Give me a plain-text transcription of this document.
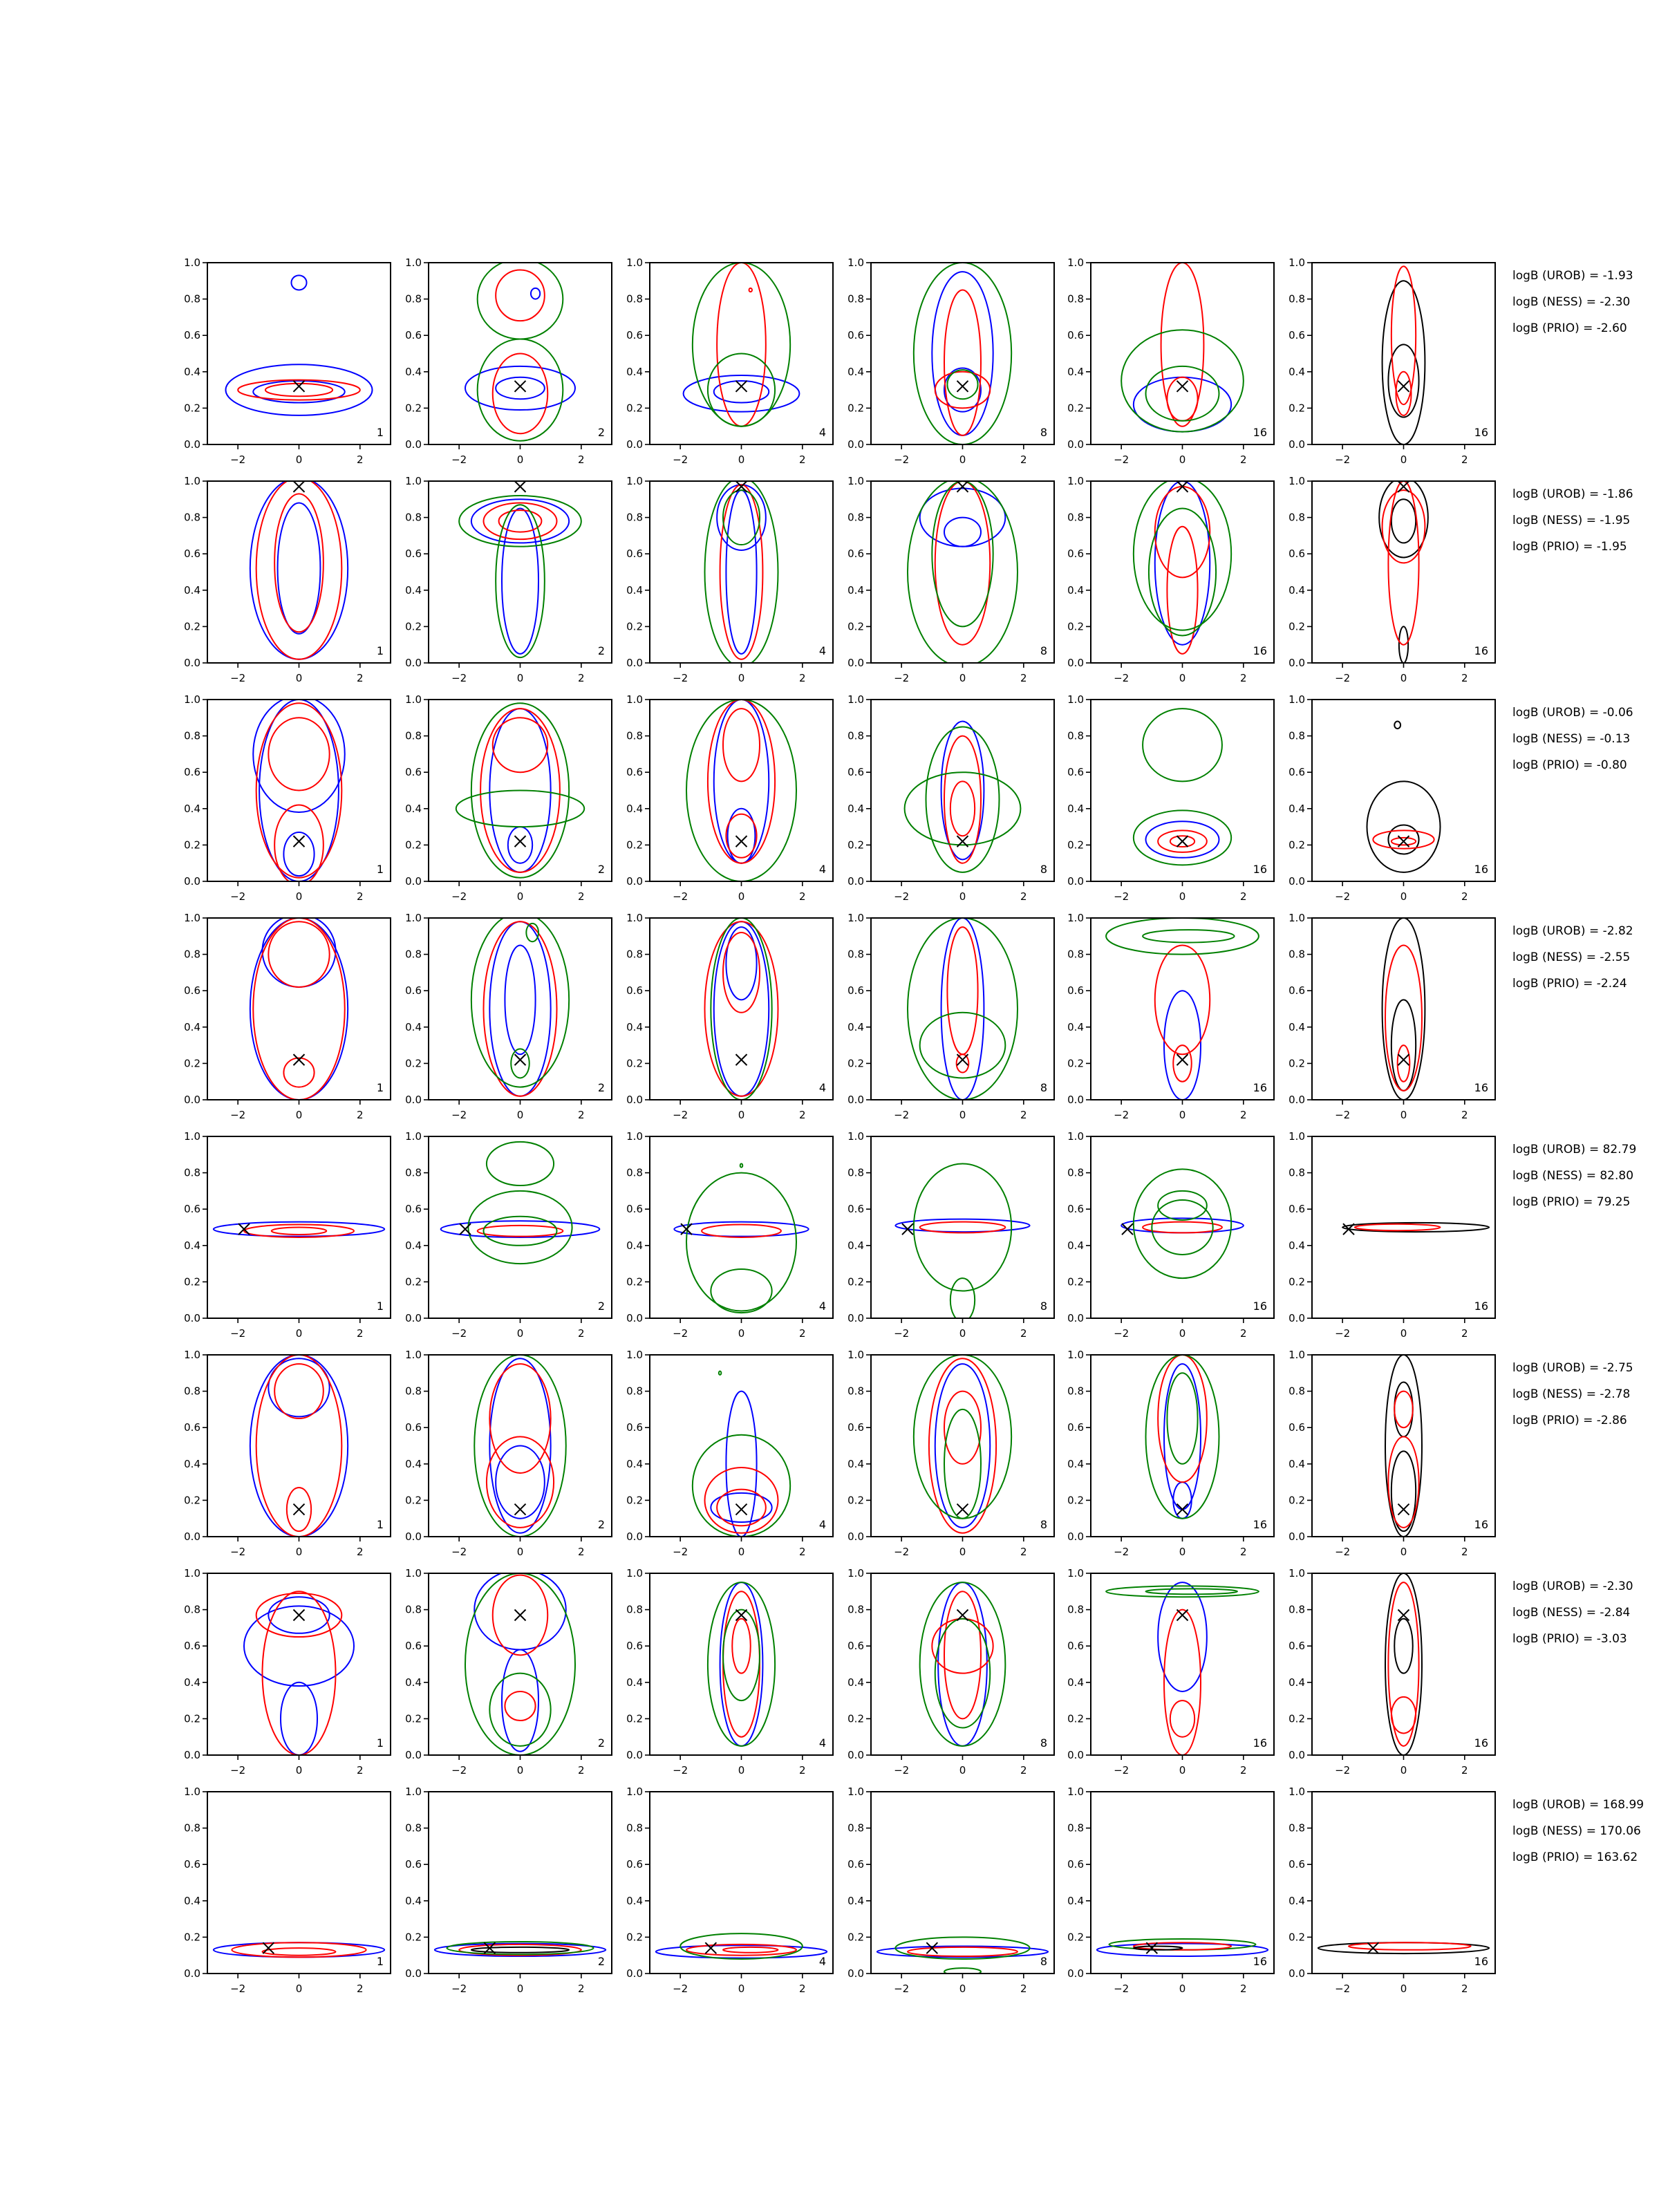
−2	0	2
0.0
0.2
0.4
0.6
0.8
1.0
1
−2	0	2
0.0
0.2
0.4
0.6
0.8
1.0
2
−2	0	2
0.0
0.2
0.4
0.6
0.8
1.0
4
−2	0	2
0.0
0.2
0.4
0.6
0.8
1.0
8
−2	0	2
0.0
0.2
0.4
0.6
0.8
1.0
16
−2	0	2
0.0
0.2
0.4
0.6
0.8
1.0
16
logB (UROB) = -1.93
logB (NESS) = -2.30
logB (PRIO) = -2.60
−2	0	2
0.0
0.2
0.4
0.6
0.8
1.0
1
−2	0	2
0.0
0.2
0.4
0.6
0.8
1.0
2
−2	0	2
0.0
0.2
0.4
0.6
0.8
1.0
4
−2	0	2
0.0
0.2
0.4
0.6
0.8
1.0
8
−2	0	2
0.0
0.2
0.4
0.6
0.8
1.0
16
−2	0	2
0.0
0.2
0.4
0.6
0.8
1.0
16
logB (UROB) = -1.86
logB (NESS) = -1.95
logB (PRIO) = -1.95
−2	0	2
0.0
0.2
0.4
0.6
0.8
1.0
1
−2	0	2
0.0
0.2
0.4
0.6
0.8
1.0
2
−2	0	2
0.0
0.2
0.4
0.6
0.8
1.0
4
−2	0	2
0.0
0.2
0.4
0.6
0.8
1.0
8
−2	0	2
0.0
0.2
0.4
0.6
0.8
1.0
16
−2	0	2
0.0
0.2
0.4
0.6
0.8
1.0
16
logB (UROB) = -0.06
logB (NESS) = -0.13
logB (PRIO) = -0.80
−2	0	2
0.0
0.2
0.4
0.6
0.8
1.0
1
−2	0	2
0.0
0.2
0.4
0.6
0.8
1.0
2
−2	0	2
0.0
0.2
0.4
0.6
0.8
1.0
4
−2	0	2
0.0
0.2
0.4
0.6
0.8
1.0
8
−2	0	2
0.0
0.2
0.4
0.6
0.8
1.0
16
−2	0	2
0.0
0.2
0.4
0.6
0.8
1.0
16
logB (UROB) = -2.82
logB (NESS) = -2.55
logB (PRIO) = -2.24
−2	0	2
0.0
0.2
0.4
0.6
0.8
1.0
1
−2	0	2
0.0
0.2
0.4
0.6
0.8
1.0
2
−2	0	2
0.0
0.2
0.4
0.6
0.8
1.0
4
−2	0	2
0.0
0.2
0.4
0.6
0.8
1.0
8
−2	0	2
0.0
0.2
0.4
0.6
0.8
1.0
16
−2	0	2
0.0
0.2
0.4
0.6
0.8
1.0
16
logB (UROB) = 82.79
logB (NESS) = 82.80
logB (PRIO) = 79.25
−2	0	2
0.0
0.2
0.4
0.6
0.8
1.0
1
−2	0	2
0.0
0.2
0.4
0.6
0.8
1.0
2
−2	0	2
0.0
0.2
0.4
0.6
0.8
1.0
4
−2	0	2
0.0
0.2
0.4
0.6
0.8
1.0
8
−2	0	2
0.0
0.2
0.4
0.6
0.8
1.0
16
−2	0	2
0.0
0.2
0.4
0.6
0.8
1.0
16
logB (UROB) = -2.75
logB (NESS) = -2.78
logB (PRIO) = -2.86
−2	0	2
0.0
0.2
0.4
0.6
0.8
1.0
1
−2	0	2
0.0
0.2
0.4
0.6
0.8
1.0
2
−2	0	2
0.0
0.2
0.4
0.6
0.8
1.0
4
−2	0	2
0.0
0.2
0.4
0.6
0.8
1.0
8
−2	0	2
0.0
0.2
0.4
0.6
0.8
1.0
16
−2	0	2
0.0
0.2
0.4
0.6
0.8
1.0
16
logB (UROB) = -2.30
logB (NESS) = -2.84
logB (PRIO) = -3.03
−2	0	2
0.0
0.2
0.4
0.6
0.8
1.0
1
−2	0	2
0.0
0.2
0.4
0.6
0.8
1.0
2
−2	0	2
0.0
0.2
0.4
0.6
0.8
1.0
4
−2	0	2
0.0
0.2
0.4
0.6
0.8
1.0
8
−2	0	2
0.0
0.2
0.4
0.6
0.8
1.0
16
−2	0	2
0.0
0.2
0.4
0.6
0.8
1.0
16
logB (UROB) = 168.99
logB (NESS) = 170.06
logB (PRIO) = 163.62
